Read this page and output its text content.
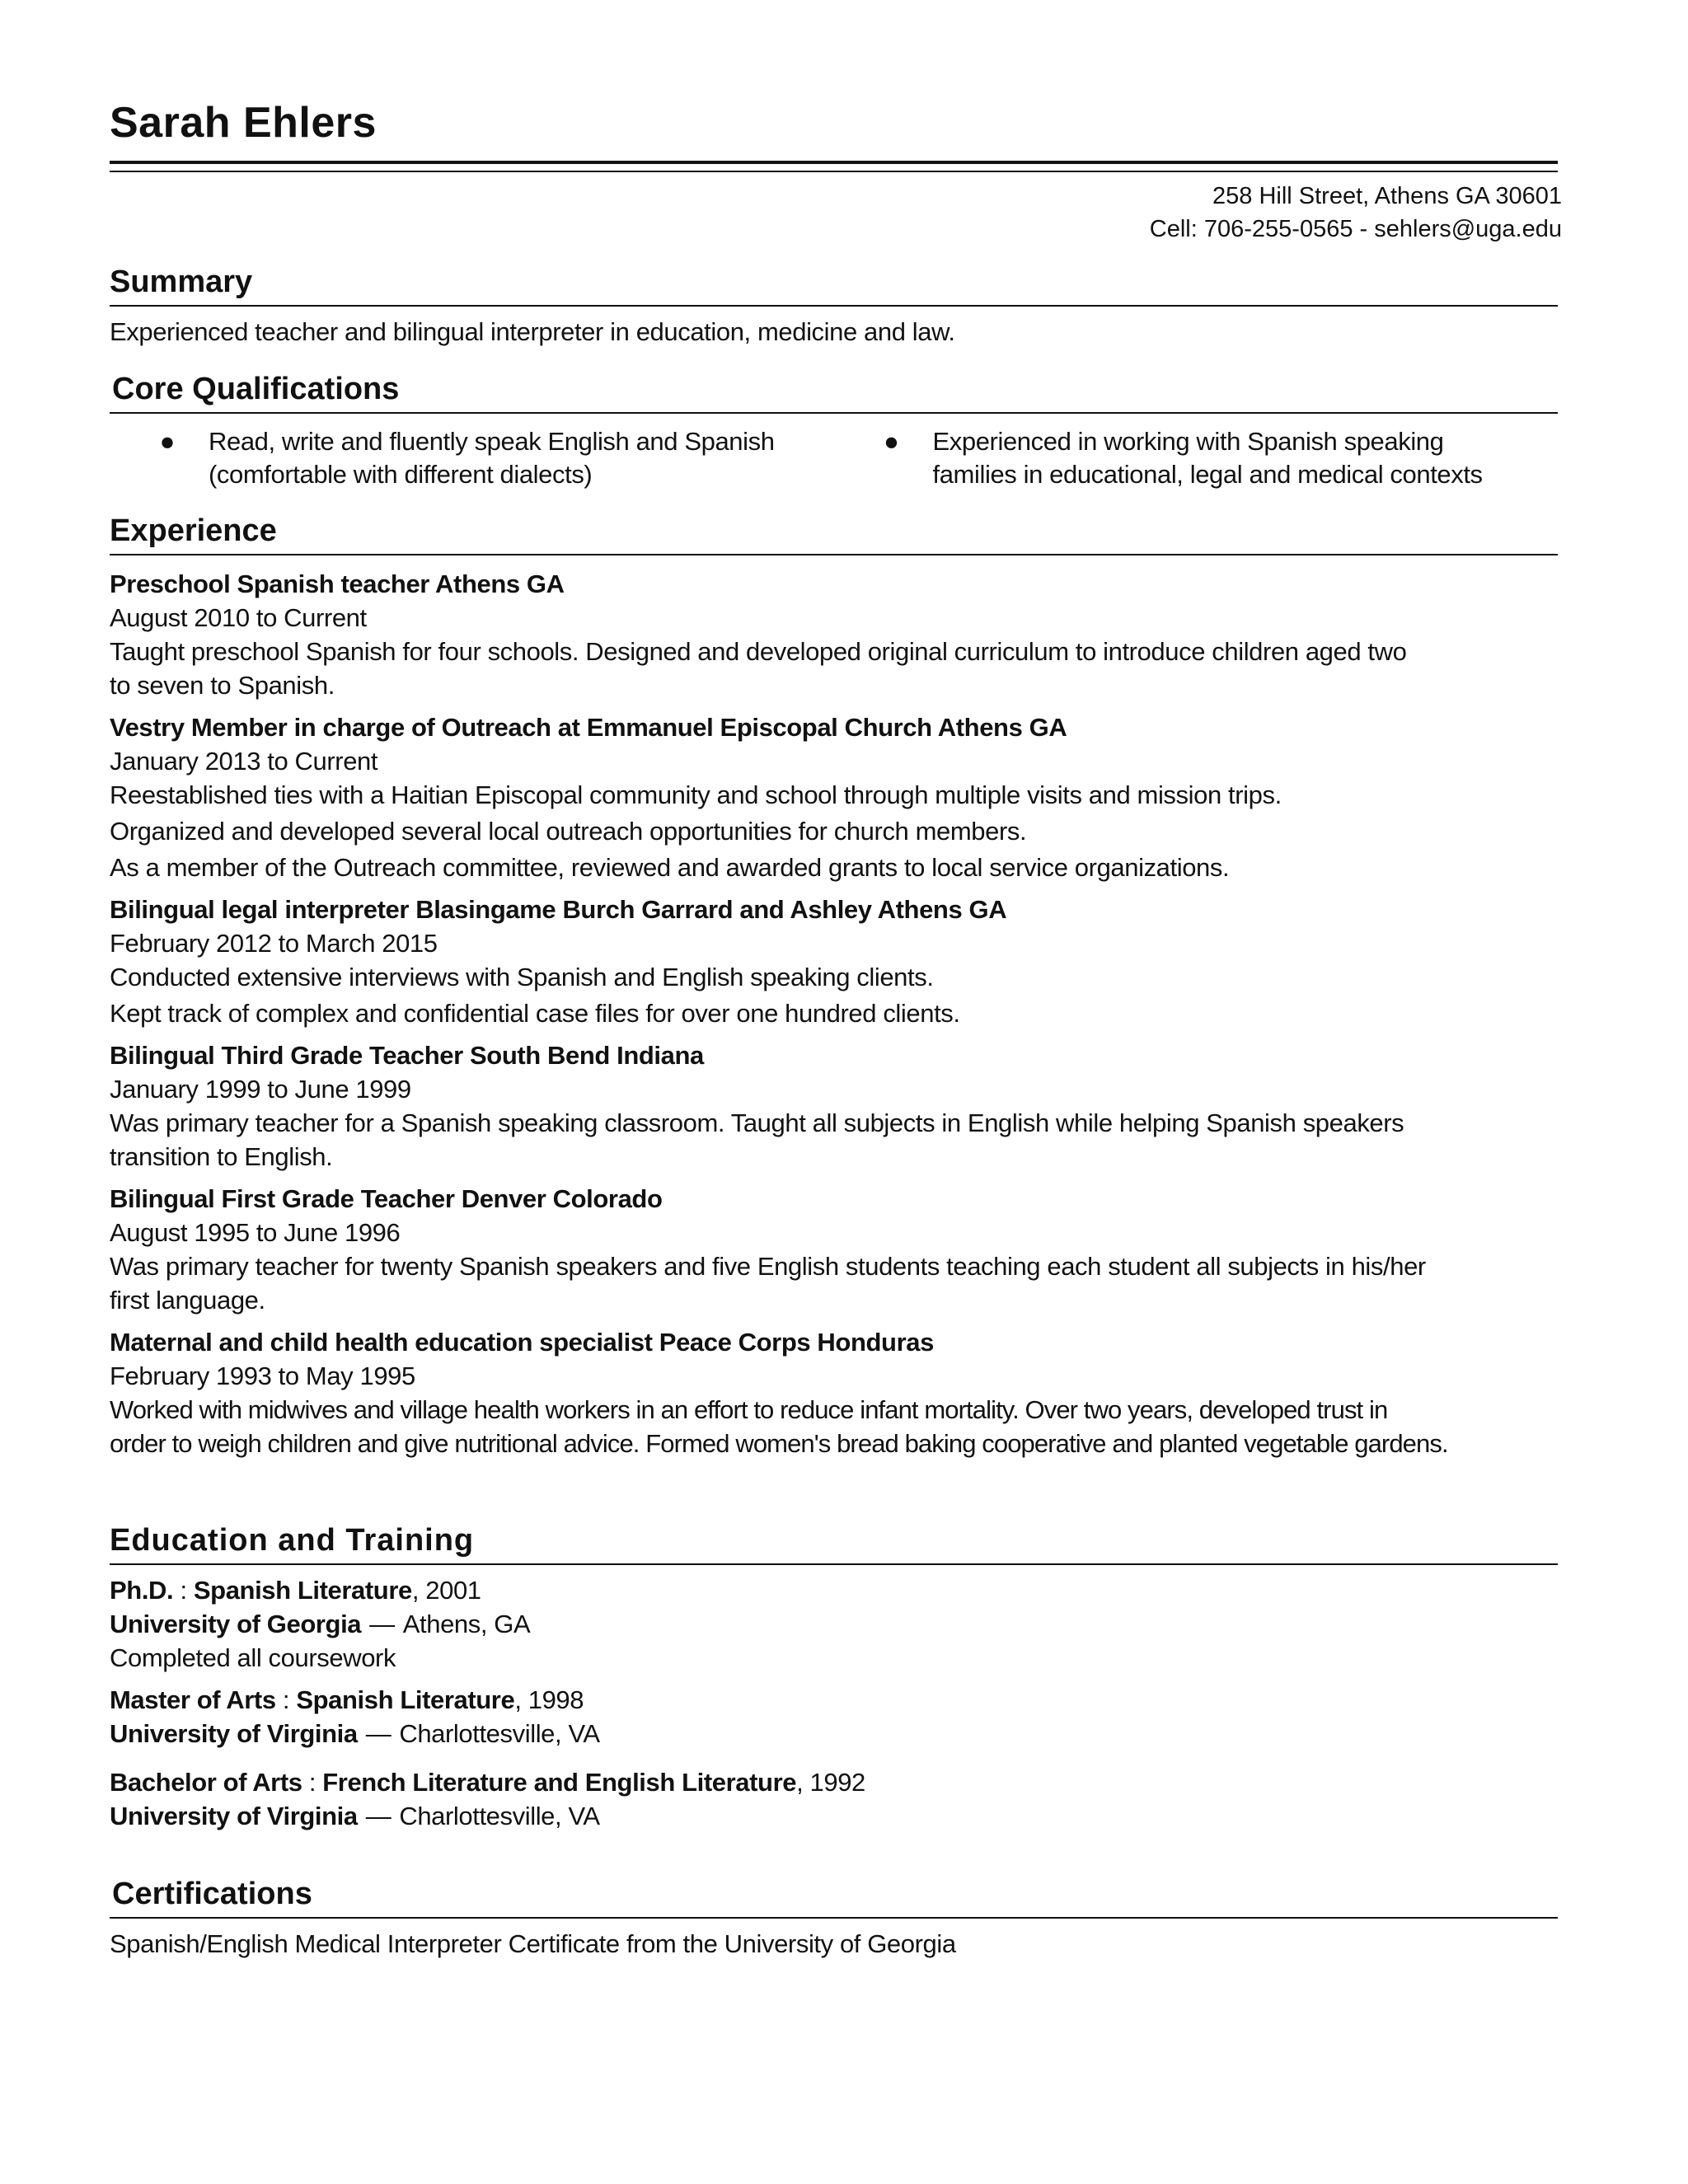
Sarah Ehlers
258 Hill Street, Athens GA 30601
Cell: 706-255-0565 - sehlers@uga.edu
Summary
Experienced teacher and bilingual interpreter in education, medicine and law.
Core Qualifications
●	Read, write and fluently speak English and Spanish
(comfortable with different dialects)
●	Experienced in working with Spanish speaking
families in educational, legal and medical contexts
Experience
Preschool Spanish teacher Athens GA
August 2010 to Current
Taught preschool Spanish for four schools. Designed and developed original curriculum to introduce children aged two
to seven to Spanish.
Vestry Member in charge of Outreach at Emmanuel Episcopal Church Athens GA
January 2013 to Current
Reestablished ties with a Haitian Episcopal community and school through multiple visits and mission trips.
Organized and developed several local outreach opportunities for church members.
As a member of the Outreach committee, reviewed and awarded grants to local service organizations.
Bilingual legal interpreter Blasingame Burch Garrard and Ashley Athens GA
February 2012 to March 2015
Conducted extensive interviews with Spanish and English speaking clients.
Kept track of complex and confidential case files for over one hundred clients.
Bilingual Third Grade Teacher South Bend Indiana
January 1999 to June 1999
Was primary teacher for a Spanish speaking classroom. Taught all subjects in English while helping Spanish speakers
transition to English.
Bilingual First Grade Teacher Denver Colorado
August 1995 to June 1996
Was primary teacher for twenty Spanish speakers and five English students teaching each student all subjects in his/her
first language.
Maternal and child health education specialist Peace Corps Honduras
February 1993 to May 1995
Worked with midwives and village health workers in an effort to reduce infant mortality. Over two years, developed trust in
order to weigh children and give nutritional advice. Formed women's bread baking cooperative and planted vegetable gardens.
Education and Training
Ph.D. : Spanish Literature, 2001
University of Georgia — Athens, GA
Completed all coursework
Master of Arts : Spanish Literature, 1998
University of Virginia — Charlottesville, VA
Bachelor of Arts : French Literature and English Literature, 1992
University of Virginia — Charlottesville, VA
Certifications
Spanish/English Medical Interpreter Certificate from the University of Georgia
